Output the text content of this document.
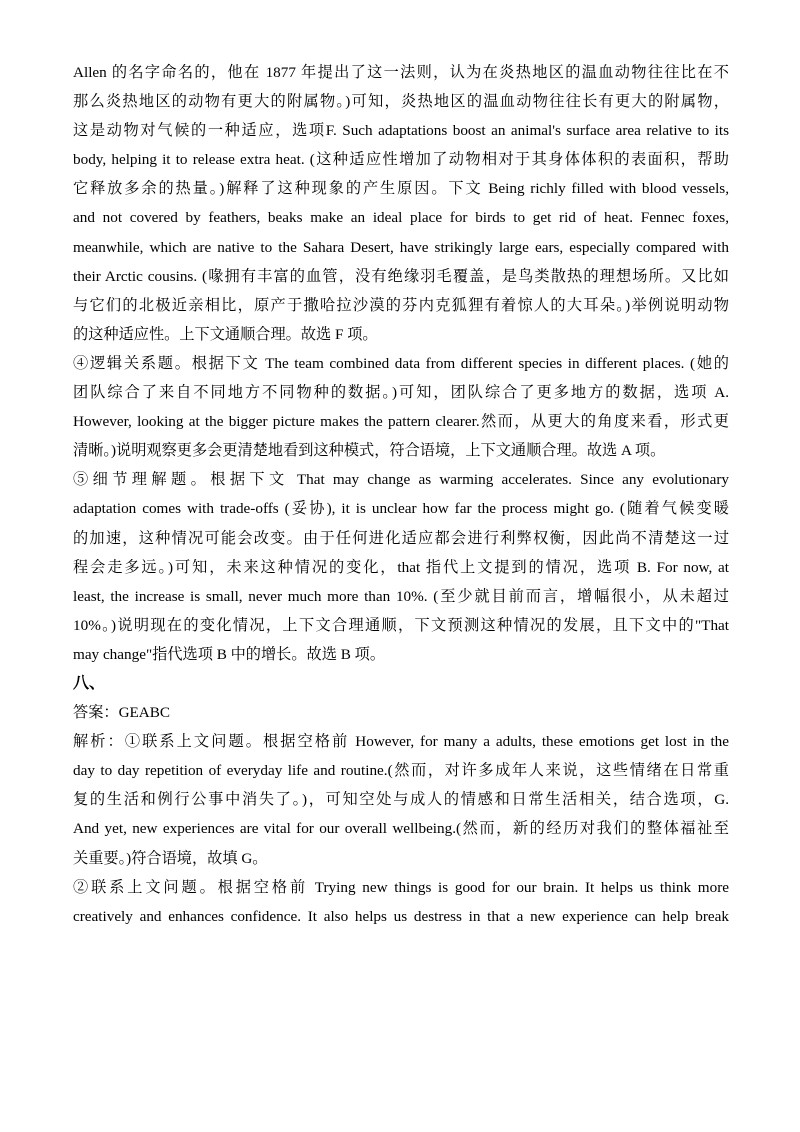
Allen 的名字命名的，他在 1877 年提出了这一法则，认为在炎热地区的温血动物往往比在不
那么炎热地区的动物有更大的附属物。)可知，炎热地区的温血动物往往长有更大的附属物，
这是动物对气候的一种适应，选项F. Such adaptations boost an animal's surface area relative to its
body, helping it to release extra heat. (这种适应性增加了动物相对于其身体体积的表面积，帮助
它释放多余的热量。)解释了这种现象的产生原因。下文 Being richly filled with blood vessels,
and not covered by feathers, beaks make an ideal place for birds to get rid of heat. Fennec foxes,
meanwhile, which are native to the Sahara Desert, have strikingly large ears, especially compared with
their Arctic cousins. (喙拥有丰富的血管，没有绝缘羽毛覆盖，是鸟类散热的理想场所。又比如
与它们的北极近亲相比，原产于撒哈拉沙漠的芬内克狐狸有着惊人的大耳朵。)举例说明动物
的这种适应性。上下文通顺合理。故选 F 项。
④逻辑关系题。根据下文 The team combined data from different species in different places. (她的
团队综合了来自不同地方不同物种的数据。)可知，团队综合了更多地方的数据，选项 A.
However, looking at the bigger picture makes the pattern clearer.然而，从更大的角度来看，形式更
清晰。)说明观察更多会更清楚地看到这种模式，符合语境，上下文通顺合理。故选 A 项。
⑤细节理解题。根据下文 That may change as warming accelerates. Since any evolutionary
adaptation comes with trade-offs (妥协), it is unclear how far the process might go. (随着气候变暖
的加速，这种情况可能会改变。由于任何进化适应都会进行利弊权衡，因此尚不清楚这一过
程会走多远。)可知，未来这种情况的变化，that 指代上文提到的情况，选项 B. For now, at
least, the increase is small, never much more than 10%. (至少就目前而言，增幅很小，从未超过
10%。)说明现在的变化情况，上下文合理通顺，下文预测这种情况的发展，且下文中的"That
may change"指代选项 B 中的增长。故选 B 项。
八、
答案：GEABC
解析：①联系上文问题。根据空格前 However, for many a adults, these emotions get lost in the
day to day repetition of everyday life and routine.(然而，对许多成年人来说，这些情绪在日常重
复的生活和例行公事中消失了。)，可知空处与成人的情感和日常生活相关，结合选项，G.
And yet, new experiences are vital for our overall wellbeing.(然而，新的经历对我们的整体福祉至
关重要。)符合语境，故填 G。
②联系上文问题。根据空格前 Trying new things is good for our brain. It helps us think more
creatively and enhances confidence. It also helps us destress in that a new experience can help break
